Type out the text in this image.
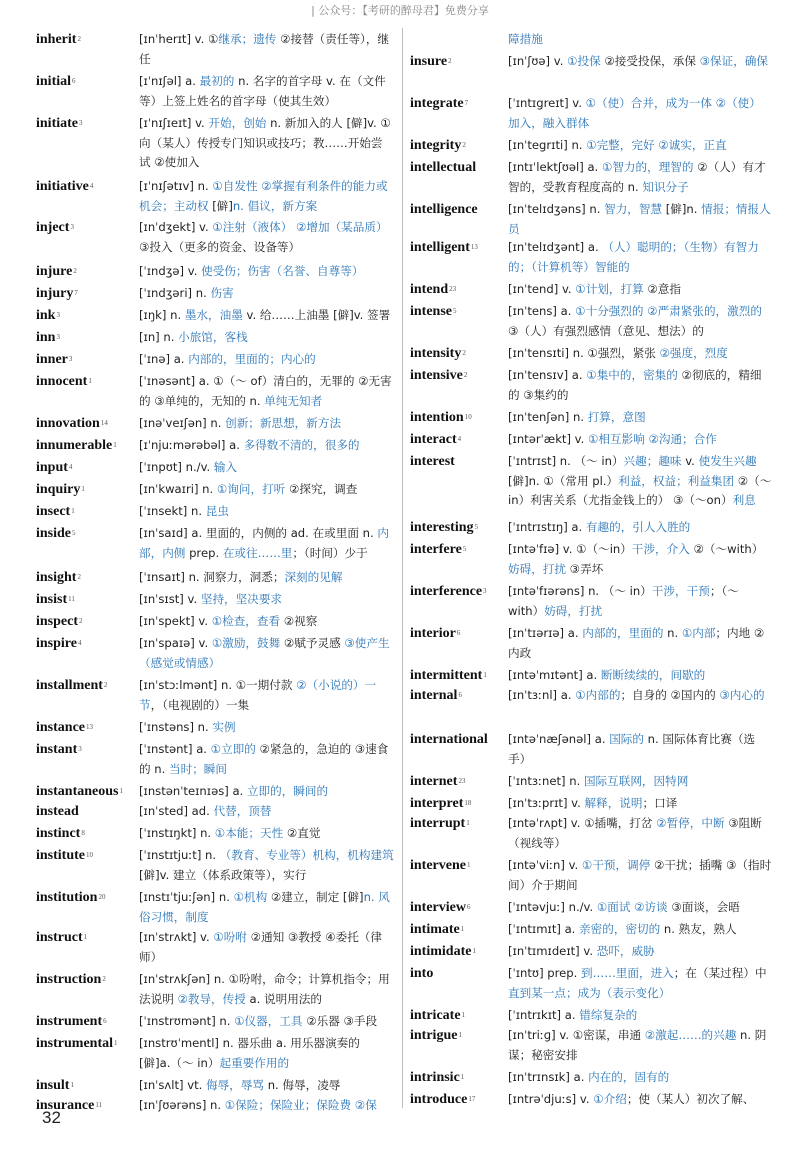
| 公众号：【考研的醉母君】免费分享
inherit$^2$	[ɪnˈherɪt] v. ①继承；遗传 ②接替（责任等），继任
initial$^6$	[ɪˈnɪʃəl] a. 最初的 n. 名字的首字母 v. 在（文件等）上签上姓名的首字母（使其生效）
initiate$^3$	[ɪˈnɪʃɪeɪt] v. 开始，创始 n. 新加入的人 [僻]v. ①向（某人）传授专门知识或技巧；教……开始尝试 ②使加入
initiative$^4$	[ɪˈnɪʃətɪv] n. ①自发性 ②掌握有利条件的能力或机会；主动权 [僻]n. 倡议，新方案
inject$^3$	[ɪnˈdʒekt] v. ①注射（液体） ②增加（某品质） ③投入（更多的资金、设备等）
injure$^2$	[ˈɪndʒə] v. 使受伤；伤害（名誉、自尊等）
injury$^7$	[ˈɪndʒəri] n. 伤害
ink$^3$	[ɪŋk] n. 墨水，油墨 v. 给……上油墨 [僻]v. 签署
inn$^3$	[ɪn] n. 小旅馆，客栈
inner$^3$	[ˈɪnə] a. 内部的，里面的；内心的
innocent$^1$	[ˈɪnəsənt] a. ①（～ of）清白的，无罪的 ②无害的 ③单纯的，无知的 n. 单纯无知者
innovation$^{14}$	[ɪnəˈveɪʃən] n. 创新；新思想，新方法
innumerable$^1$ [ɪˈnjuːmərəbəl] a. 多得数不清的，很多的
input$^4$	[ˈɪnpʊt] n./v. 输入
inquiry$^1$	[ɪnˈkwaɪri] n. ①询问，打听 ②探究，调查
insect$^1$	[ˈɪnsekt] n. 昆虫
inside$^5$	[ɪnˈsaɪd] a. 里面的，内侧的 ad. 在或里面 n. 内部，内侧 prep. 在或往……里；（时间）少于
insight$^2$	[ˈɪnsaɪt] n. 洞察力，洞悉；深刻的见解
insist$^{11}$	[ɪnˈsɪst] v. 坚持，坚决要求
inspect$^2$	[ɪnˈspekt] v. ①检查，查看 ②视察
inspire$^4$	[ɪnˈspaɪə] v. ①激励，鼓舞 ②赋予灵感 ③使产生（感觉或情感）
installment$^2$	[ɪnˈstɔːlmənt] n. ①一期付款 ②（小说的）一节，（电视剧的）一集
instance$^{13}$	[ˈɪnstəns] n. 实例
instant$^3$	[ˈɪnstənt] a. ①立即的 ②紧急的，急迫的 ③速食的 n. 当时；瞬间
instantaneous$^1$ [ɪnstənˈteɪnɪəs] a. 立即的，瞬间的
instead	[ɪnˈsted] ad. 代替，顶替
instinct$^8$	[ˈɪnstɪŋkt] n. ①本能；天性 ②直觉
institute$^{10}$	[ˈɪnstɪtjuːt] n. （教育、专业等）机构，机构建筑 [僻]v. 建立（体系政策等），实行
institution$^{20}$	[ɪnstɪˈtjuːʃən] n. ①机构 ②建立，制定 [僻]n. 风俗习惯，制度
instruct$^1$	[ɪnˈstrʌkt] v. ①吩咐 ②通知 ③教授 ④委托（律师）
instruction$^2$	[ɪnˈstrʌkʃən] n. ①吩咐，命令；计算机指令；用法说明 ②教导，传授 a. 说明用法的
instrument$^6$	[ˈɪnstrʊmənt] n. ①仪器，工具 ②乐器 ③手段
instrumental$^1$ [ɪnstrʊˈmentl] n. 器乐曲 a. 用乐器演奏的 [僻]a.（～ in）起重要作用的
insult$^1$	[ɪnˈsʌlt] vt. 侮辱，辱骂 n. 侮辱，凌辱
insurance$^{11}$	[ɪnˈʃʊərəns] n. ①保险；保险业；保险费 ②保
障措施
insure$^2$	[ɪnˈʃʊə] v. ①投保 ②接受投保，承保 ③保证，确保
integrate$^7$	[ˈɪntɪgreɪt] v. ①（使）合并，成为一体 ②（使）加入，融入群体
integrity$^2$	[ɪnˈtegrɪti] n. ①完整，完好 ②诚实，正直
intellectual	[ɪntɪˈlektʃʊəl] a. ①智力的，理智的 ②（人）有才智的，受教育程度高的 n. 知识分子
intelligence	[ɪnˈtelɪdʒəns] n. 智力，智慧 [僻]n. 情报；情报人员
intelligent$^{13}$	[ɪnˈtelɪdʒənt] a. （人）聪明的；（生物）有智力的；（计算机等）智能的
intend$^{23}$	[ɪnˈtend] v. ①计划，打算 ②意指
intense$^5$	[ɪnˈtens] a. ①十分强烈的 ②严肃紧张的，激烈的 ③（人）有强烈感情（意见、想法）的
intensity$^2$	[ɪnˈtensɪti] n. ①强烈，紧张 ②强度，烈度
intensive$^2$	[ɪnˈtensɪv] a. ①集中的，密集的 ②彻底的，精细的 ③集约的
intention$^{10}$	[ɪnˈtenʃən] n. 打算，意图
interact$^4$	[ɪntərˈækt] v. ①相互影响 ②沟通；合作
interest	[ˈɪntrɪst] n. （～ in）兴趣；趣味 v. 使发生兴趣 [僻]n. ①（常用 pl.）利益，权益；利益集团 ②（～ in）利害关系（尤指金钱上的） ③（～on）利息
interesting$^5$	[ˈɪntrɪstɪŋ] a. 有趣的，引人入胜的
interfere$^5$	[ɪntəˈfɪə] v. ①（～in）干涉，介入 ②（～with）妨碍，打扰 ③弄坏
interference$^3$ [ɪntəˈfɪərəns] n. （～ in）干涉，干预；（～ with）妨碍，打扰
interior$^6$	[ɪnˈtɪərɪə] a. 内部的，里面的 n. ①内部；内地 ②内政
intermittent$^1$ [ɪntəˈmɪtənt] a. 断断续续的，间歇的
internal$^6$	[ɪnˈtɜːnl] a. ①内部的；自身的 ②国内的 ③内心的
international [ɪntəˈnæʃənəl] a. 国际的 n. 国际体育比赛（选手）
internet$^{23}$	[ˈɪntɜːnet] n. 国际互联网，因特网
interpret$^{18}$	[ɪnˈtɜːprɪt] v. 解释，说明；口译
interrupt$^1$	[ɪntəˈrʌpt] v. ①插嘴，打岔 ②暂停，中断 ③阻断（视线等）
intervene$^1$	[ɪntəˈviːn] v. ①干预，调停 ②干扰；插嘴 ③（指时间）介于期间
interview$^6$	[ˈɪntəvjuː] n./v. ①面试 ②访谈 ③面谈，会晤
intimate$^1$	[ˈɪntɪmɪt] a. 亲密的，密切的 n. 熟友，熟人
intimidate$^1$	[ɪnˈtɪmɪdeɪt] v. 恐吓，威胁
into	[ˈɪntʊ] prep. 到……里面，进入；在（某过程）中直到某一点；成为（表示变化）
intricate$^1$	[ˈɪntrɪkɪt] a. 错综复杂的
intrigue$^1$	[ɪnˈtriːɡ] v. ①密谋，串通 ②激起……的兴趣 n. 阴谋；秘密安排
intrinsic$^1$	[ɪnˈtrɪnsɪk] a. 内在的，固有的
introduce$^{17}$	[ɪntrəˈdjuːs] v. ①介绍；使（某人）初次了解、
32
